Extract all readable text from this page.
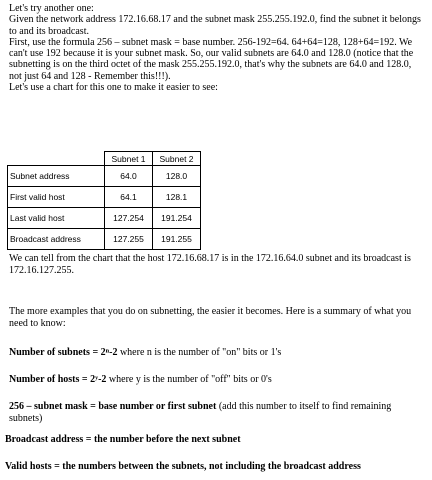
Let's try another one:

Given the network address 172.16.68.17 and the subnet mask 255.255.192.0, find the subnet it belongs to and its broadcast.

First, use the formula 256 – subnet mask = base number. 256-192=64. 64+64=128, 128+64=192. We can't use 192 because it is your subnet mask. So, our valid subnets are 64.0 and 128.0 (notice that the subnetting is on the third octet of the mask 255.255.192.0, that's why the subnets are 64.0 and 128.0, not just 64 and 128 - Remember this!!!).

Let's use a chart for this one to make it easier to see:

	Subnet 1	Subnet 2
Subnet address	64.0	128.0
First valid host	64.1	128.1
Last valid host	127.254	191.254
Broadcast address	127.255	191.255

We can tell from the chart that the host 172.16.68.17 is in the 172.16.64.0 subnet and its broadcast is 172.16.127.255.

The more examples that you do on subnetting, the easier it becomes. Here is a summary of what you need to know:

Number of subnets = 2ⁿ-2 where n is the number of "on" bits or 1's

Number of hosts = 2ʸ-2 where y is the number of "off" bits or 0's

256 – subnet mask = base number or first subnet (add this number to itself to find remaining subnets)

Broadcast address = the number before the next subnet

Valid hosts = the numbers between the subnets, not including the broadcast address
